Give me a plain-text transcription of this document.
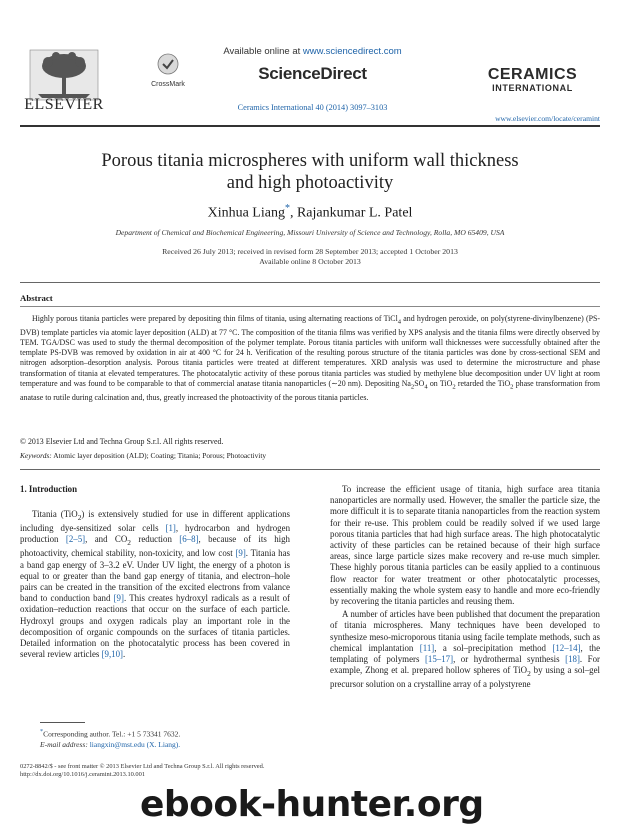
ELSEVIER
CrossMark
Available online at www.sciencedirect.com
ScienceDirect
Ceramics International 40 (2014) 3097–3103
CERAMICS
INTERNATIONAL
www.elsevier.com/locate/ceramint
Porous titania microspheres with uniform wall thickness
and high photoactivity
Xinhua Liang*, Rajankumar L. Patel
Department of Chemical and Biochemical Engineering, Missouri University of Science and Technology, Rolla, MO 65409, USA
Received 26 July 2013; received in revised form 28 September 2013; accepted 1 October 2013
Available online 8 October 2013
Abstract
Highly porous titania particles were prepared by depositing thin films of titania, using alternating reactions of TiCl$_4$ and hydrogen peroxide, on poly(styrene-divinylbenzene) (PS-DVB) template particles via atomic layer deposition (ALD) at 77 °C. The composition of the titania films was verified by XPS analysis and the titania films were directly observed by TEM. TGA/DSC was used to study the thermal decomposition of the polymer template. Porous titania particles with uniform wall thicknesses were successfully obtained after the template PS-DVB was removed by oxidation in air at 400 °C for 24 h. Verification of the resulting porous structure of the titania particles was done by cross-sectional SEM and nitrogen adsorption–desorption analysis. Porous titania particles were treated at different temperatures. XRD analysis was used to determine the microstructure and phase transformation of titania at elevated temperatures. The photocatalytic activity of these porous titania particles was studied by methylene blue decomposition under UV light at room temperature and was found to be comparable to that of commercial anatase titania nanoparticles (∼20 nm). Depositing $Na_2SO_4$ on TiO$_2$ retarded the TiO$_2$ phase transformation from anatase to rutile during calcination and, thus, greatly increased the photoactivity of the porous titania particles.
© 2013 Elsevier Ltd and Techna Group S.r.l. All rights reserved.
Keywords: Atomic layer deposition (ALD); Coating; Titania; Porous; Photoactivity
1. Introduction

Titania (TiO$_2$) is extensively studied for use in different applications including dye-sensitized solar cells [1], hydrocarbon and hydrogen production [2–5], and $CO_2$ reduction [6–8], because of its high photoactivity, chemical stability, non-toxicity, and low cost [9]. Titania has a band gap energy of 3–3.2 eV. Under UV light, the energy of a photon is equal to or greater than the band gap energy of titania, and electron–hole pairs can be created in the transition of the excited electrons from valance band to conduction band [9]. This creates hydroxyl radicals as a result of oxidation–reduction reactions that occur on the surface of each particle. Hydroxyl groups and oxygen radicals play an important role in the decomposition of organic compounds on the surfaces of titania particles. Detailed information on the photocatalytic process has been covered in several review articles [9,10].

To increase the efficient usage of titania, high surface area titania nanoparticles are normally used. However, the smaller the particle size, the more difficult it is to separate titania nanoparticles from the reaction system for their re-use. This problem could be readily solved if we used large porous titania particles that had high surface areas. The high photocatalytic activity of these particles can be retained because of their high surface areas, since large particle sizes make recovery and re-use much simpler. These highly porous titania particles can be easily applied to a continuous flow reactor for water treatment or other photocatalytic processes, essentially making the whole system easy to handle and more eco-friendly by recovering the titania particles and reusing them.

A number of articles have been published that document the preparation of titania microspheres. Many techniques have been developed to synthesize meso-microporous titania using facile template methods, such as chemical implantation [11], a sol–precipitation method [12–14], the templating of polymers [15–17], or hydrothermal synthesis [18]. For example, Zhong et al. prepared hollow spheres of TiO$_2$ by using a sol–gel precursor solution on a crystalline array of a polystyrene

*Corresponding author. Tel.: +1 5 73341 7632.
E-mail address: liangxin@mst.edu (X. Liang).
0272-8842/$ - see front matter © 2013 Elsevier Ltd and Techna Group S.r.l. All rights reserved.
http://dx.doi.org/10.1016/j.ceramint.2013.10.001
ebook-hunter.org
